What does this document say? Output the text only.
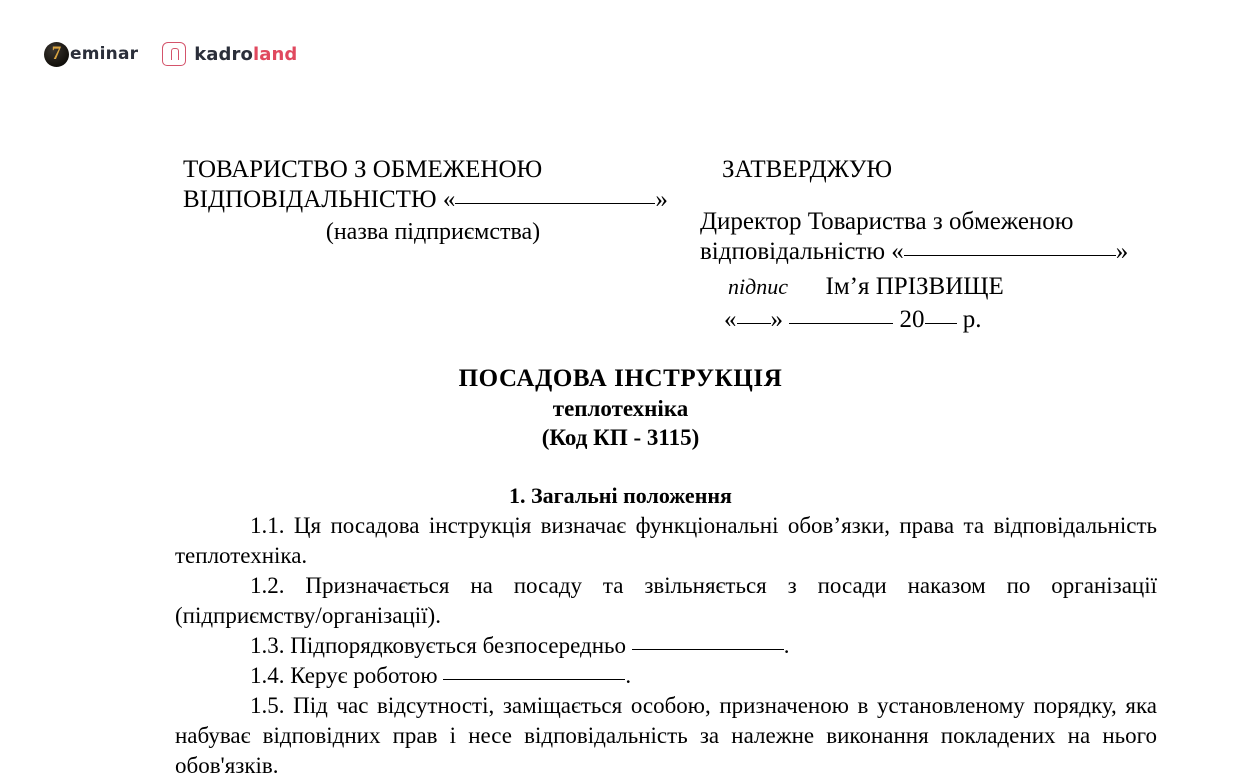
7 eminar	kadroland
ТОВАРИСТВО З ОБМЕЖЕНОЮ
ВІДПОВІДАЛЬНІСТЮ «	»
(назва підприємства)
ЗАТВЕРДЖУЮ
Директор Товариства з обмеженою
відповідальністю «	»
підпис Ім’я ПРІЗВИЩЕ
« »	20 р.
ПОСАДОВА ІНСТРУКЦІЯ
теплотехніка
(Код КП - 3115)
1. Загальні положення

1.1. Ця посадова інструкція визначає функціональні обов’язки, права та відповідальність теплотехніка.

1.2. Призначається на посаду та звільняється з посади наказом по організації (підприємству/організації).

1.3. Підпорядковується безпосередньо	.

1.4. Керує роботою	.

1.5. Під час відсутності, заміщається особою, призначеною в установленому порядку, яка набуває відповідних прав і несе відповідальність за належне виконання покладених на нього обов'язків.
